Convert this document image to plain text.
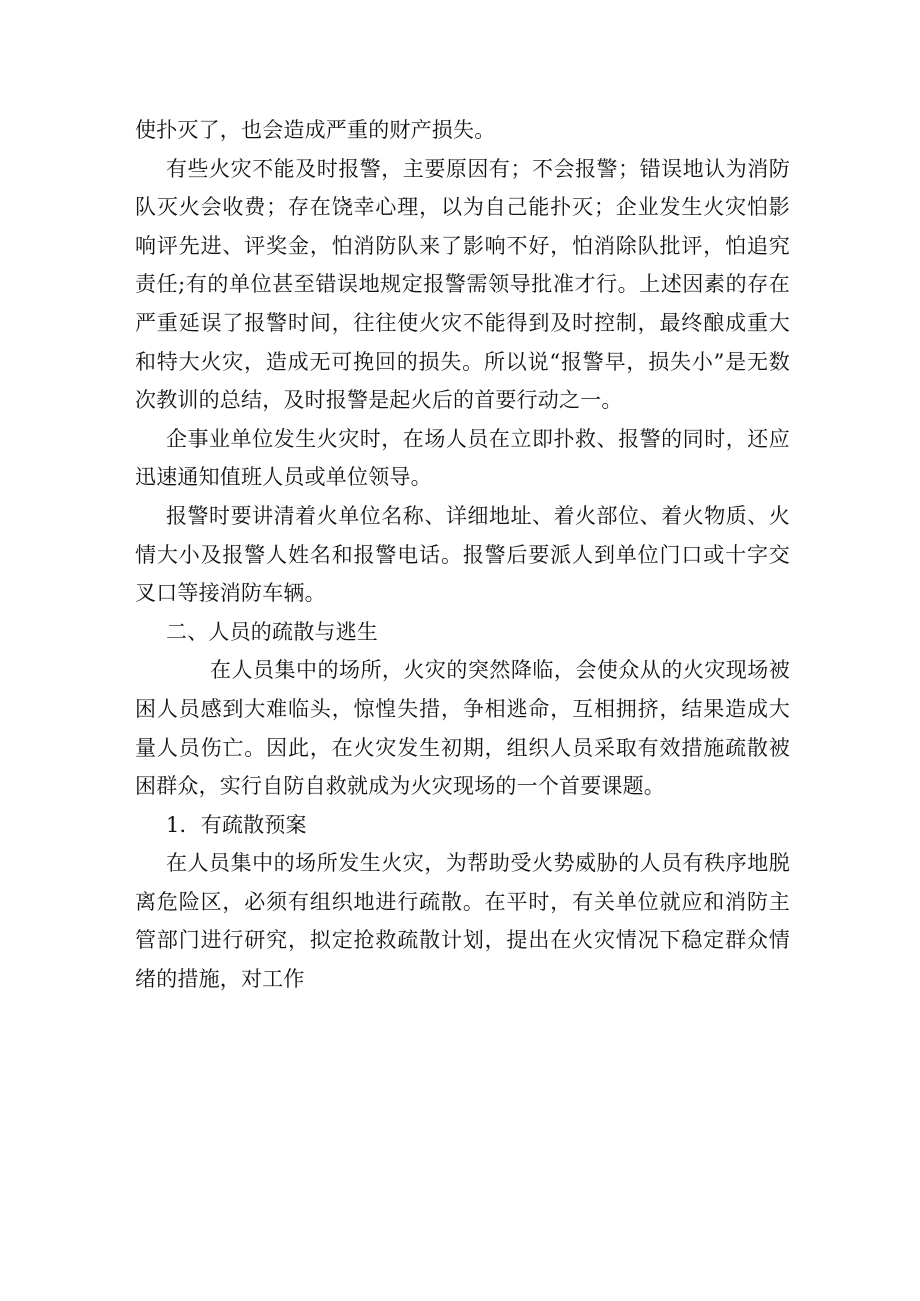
使扑灭了，也会造成严重的财产损失。

有些火灾不能及时报警，主要原因有；不会报警；错误地认为消防队灭火会收费；存在饶幸心理，以为自己能扑灭；企业发生火灾怕影响评先进、评奖金，怕消防队来了影响不好，怕消除队批评，怕追究责任;有的单位甚至错误地规定报警需领导批准才行。上述因素的存在严重延误了报警时间，往往使火灾不能得到及时控制，最终酿成重大和特大火灾，造成无可挽回的损失。所以说“报警早，损失小”是无数次教训的总结，及时报警是起火后的首要行动之一。

企事业单位发生火灾时，在场人员在立即扑救、报警的同时，还应迅速通知值班人员或单位领导。

报警时要讲清着火单位名称、详细地址、着火部位、着火物质、火情大小及报警人姓名和报警电话。报警后要派人到单位门口或十字交叉口等接消防车辆。

二、人员的疏散与逃生

在人员集中的场所，火灾的突然降临，会使众从的火灾现场被困人员感到大难临头，惊惶失措，争相逃命，互相拥挤，结果造成大量人员伤亡。因此，在火灾发生初期，组织人员采取有效措施疏散被困群众，实行自防自救就成为火灾现场的一个首要课题。

1．有疏散预案

在人员集中的场所发生火灾，为帮助受火势威胁的人员有秩序地脱离危险区，必须有组织地进行疏散。在平时，有关单位就应和消防主管部门进行研究，拟定抢救疏散计划，提出在火灾情况下稳定群众情绪的措施，对工作
